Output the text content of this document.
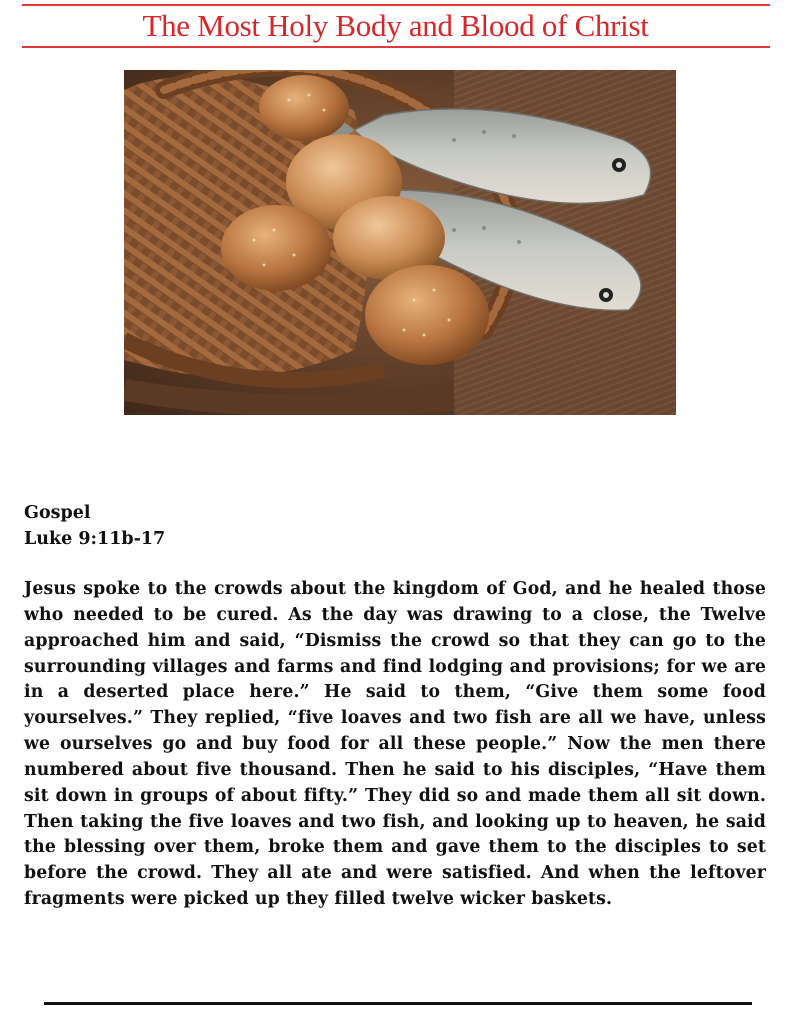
The Most Holy Body and Blood of Christ
Gospel
Luke 9:11b-17
Jesus spoke to the crowds about the kingdom of God, and he healed those who needed to be cured. As the day was drawing to a close, the Twelve approached him and said, “Dismiss the crowd so that they can go to the surrounding villages and farms and find lodging and provisions; for we are in a deserted place here.” He said to them, “Give them some food yourselves.” They replied, “five loaves and two fish are all we have, unless we ourselves go and buy food for all these people.” Now the men there numbered about five thousand. Then he said to his disciples, “Have them sit down in groups of about fifty.” They did so and made them all sit down. Then taking the five loaves and two fish, and looking up to heaven, he said the blessing over them, broke them and gave them to the disciples to set before the crowd. They all ate and were satisfied. And when the leftover fragments were picked up they filled twelve wicker baskets.
